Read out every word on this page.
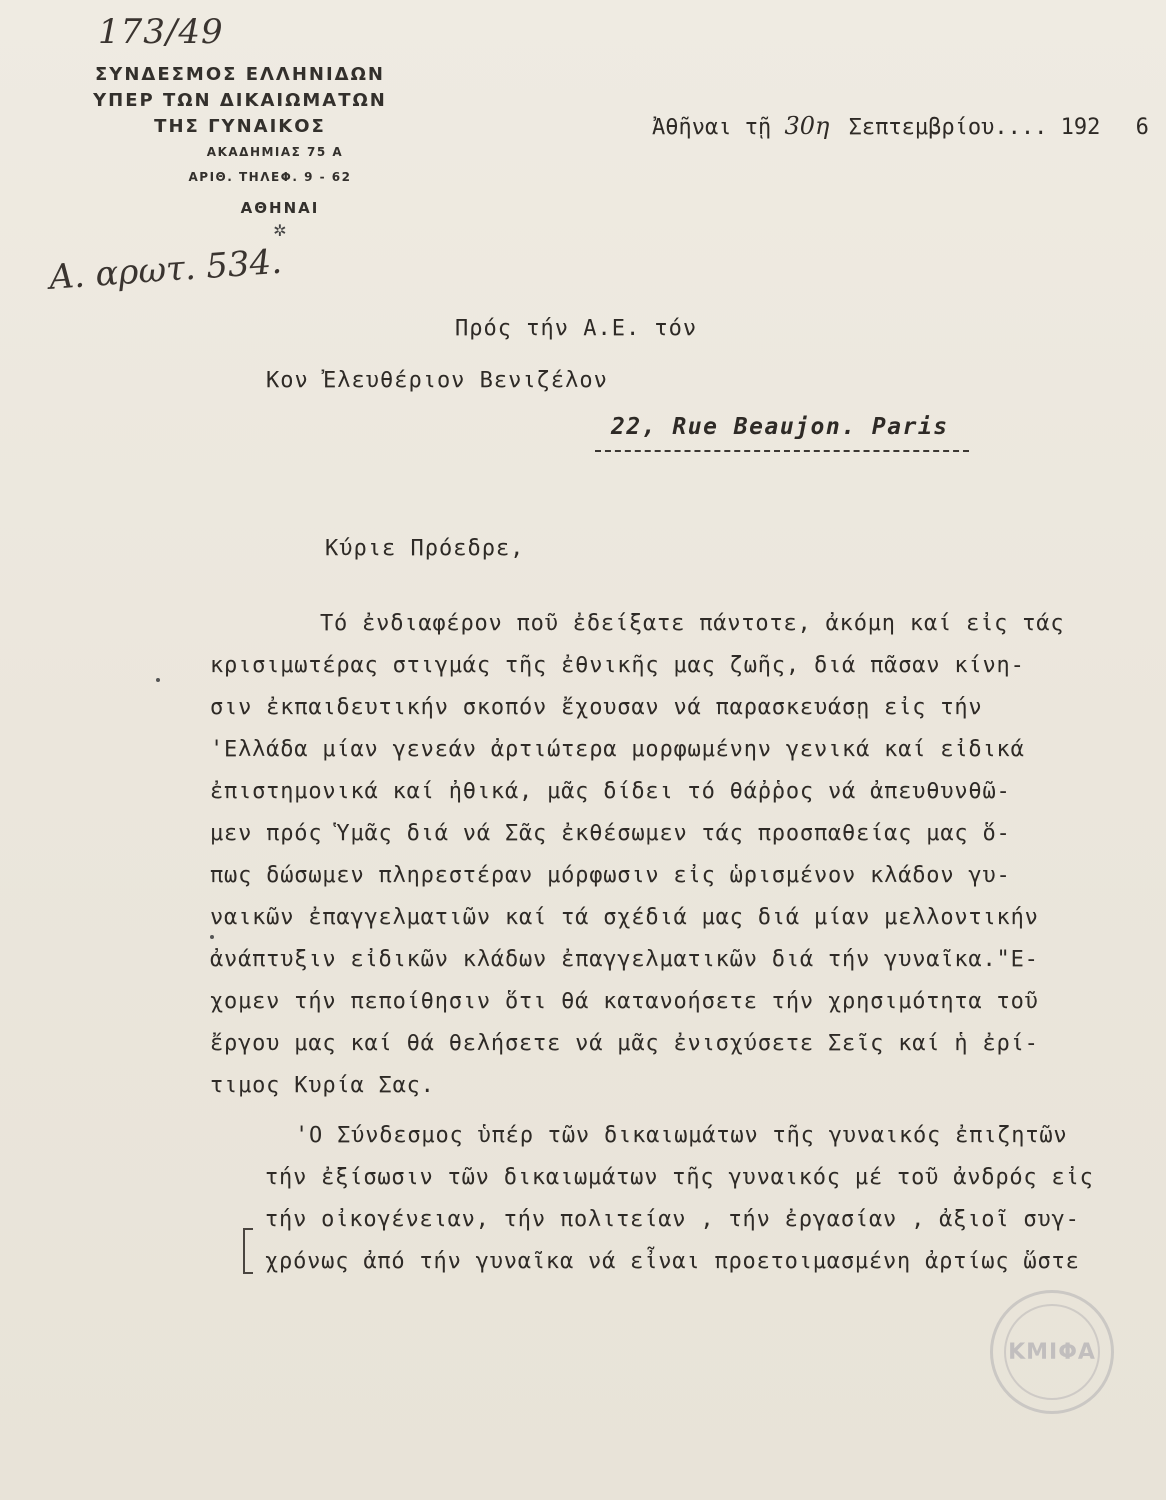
173/49
ΣΥΝΔΕΣΜΟΣ ΕΛΛΗΝΙΔΩΝ
ΥΠΕΡ ΤΩΝ ΔΙΚΑΙΩΜΑΤΩΝ
ΤΗΣ ΓΥΝΑΙΚΟΣ
ΑΚΑΔΗΜΙΑΣ 75 Α
ΑΡΙΘ. ΤΗΛΕΦ. 9 - 62
ΑΘΗΝΑΙ
✲
Α. αρωτ. 534.
Ἀθῆναι τῇ 30η Σεπτεμβρίου.... 192 6
Πρός τήν Α.Ε. τόν
Κον Ἐλευθέριον Βενιζέλον
22, Rue Beaujon. Paris
Κύριε Πρόεδρε,
Τό ἐνδιαφέρον ποῦ ἐδείξατε πάντοτε, ἀκόμη καί εἰς τάς
κρισιμωτέρας στιγμάς τῆς ἐθνικῆς μας ζωῆς, διά πᾶσαν κίνη-
σιν ἐκπαιδευτικήν σκοπόν ἔχουσαν νά παρασκευάσῃ εἰς τήν
'Ελλάδα μίαν γενεάν ἀρτιώτερα μορφωμένην γενικά καί εἰδικά
ἐπιστημονικά καί ἠθικά, μᾶς δίδει τό θάῤῥος νά ἀπευθυνθῶ-
μεν πρός Ὑμᾶς διά νά Σᾶς ἐκθέσωμεν τάς προσπαθείας μας ὅ-
πως δώσωμεν πληρεστέραν μόρφωσιν εἰς ὡρισμένον κλάδον γυ-
ναικῶν ἐπαγγελματιῶν καί τά σχέδιά μας διά μίαν μελλοντικήν
ἀνάπτυξιν εἰδικῶν κλάδων ἐπαγγελματικῶν διά τήν γυναῖκα."Ε-
χομεν τήν πεποίθησιν ὅτι θά κατανοήσετε τήν χρησιμότητα τοῦ
ἔργου μας καί θά θελήσετε νά μᾶς ἐνισχύσετε Σεῖς καί ἡ ἐρί-
τιμος Κυρία Σας.
'Ο Σύνδεσμος ὑπέρ τῶν δικαιωμάτων τῆς γυναικός ἐπιζητῶν
τήν ἐξίσωσιν τῶν δικαιωμάτων τῆς γυναικός μέ τοῦ ἀνδρός εἰς
τήν οἰκογένειαν, τήν πολιτείαν , τήν ἐργασίαν , ἀξιοῖ συγ-
χρόνως ἀπό τήν γυναῖκα νά εἶναι προετοιμασμένη ἀρτίως ὥστε
ΚΜΙΦΑ
